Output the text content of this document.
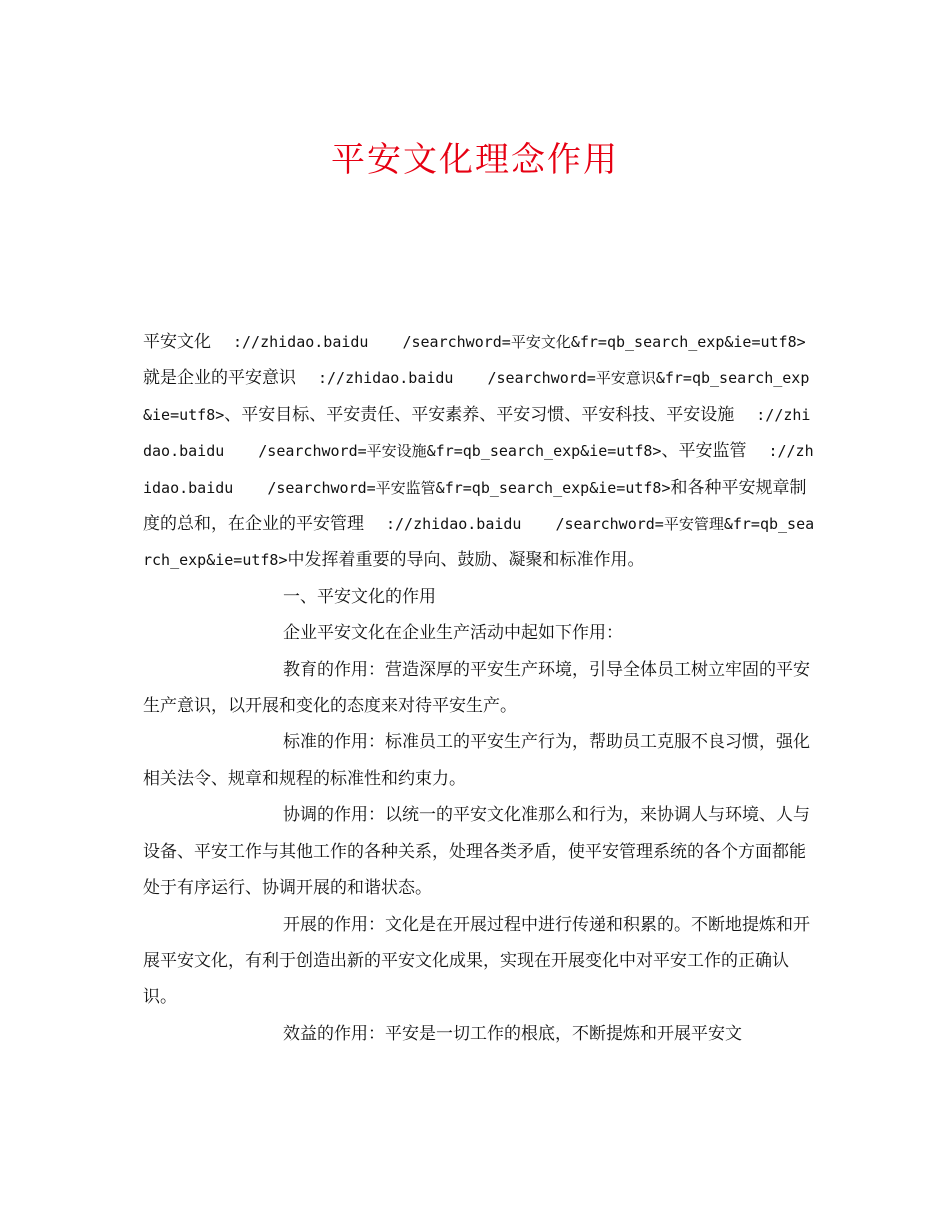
平安文化理念作用

平安文化 ://zhidao.baidu /searchword=平安文化&fr=qb_search_exp&ie=utf8>就是企业的平安意识 ://zhidao.baidu /searchword=平安意识&fr=qb_search_exp&ie=utf8>、平安目标、平安责任、平安素养、平安习惯、平安科技、平安设施 ://zhidao.baidu /searchword=平安设施&fr=qb_search_exp&ie=utf8>、平安监管 ://zhidao.baidu /searchword=平安监管&fr=qb_search_exp&ie=utf8>和各种平安规章制度的总和，在企业的平安管理 ://zhidao.baidu /searchword=平安管理&fr=qb_search_exp&ie=utf8>中发挥着重要的导向、鼓励、凝聚和标准作用。

一、平安文化的作用

企业平安文化在企业生产活动中起如下作用：

教育的作用：营造深厚的平安生产环境，引导全体员工树立牢固的平安生产意识，以开展和变化的态度来对待平安生产。

标准的作用：标准员工的平安生产行为，帮助员工克服不良习惯，强化相关法令、规章和规程的标准性和约束力。

协调的作用：以统一的平安文化准那么和行为，来协调人与环境、人与设备、平安工作与其他工作的各种关系，处理各类矛盾，使平安管理系统的各个方面都能处于有序运行、协调开展的和谐状态。

开展的作用：文化是在开展过程中进行传递和积累的。不断地提炼和开展平安文化，有利于创造出新的平安文化成果，实现在开展变化中对平安工作的正确认识。

效益的作用：平安是一切工作的根底，不断提炼和开展平安文
